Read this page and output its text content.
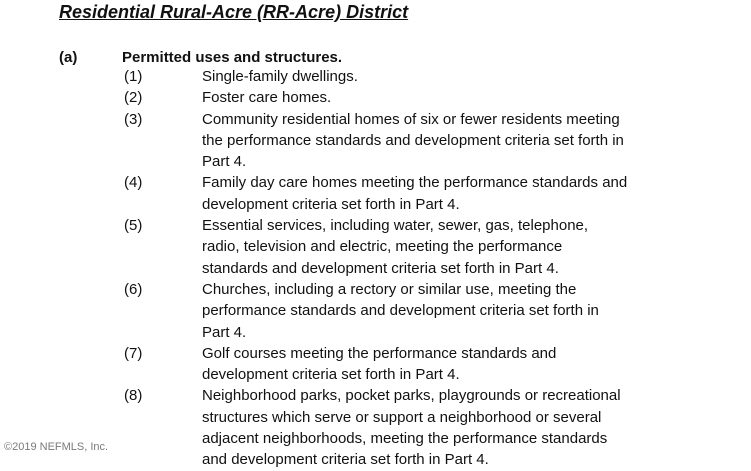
Residential Rural-Acre (RR-Acre) District
(a)	Permitted uses and structures.
(1)	Single-family dwellings.
(2)	Foster care homes.
(3)	Community residential homes of six or fewer residents meeting
the performance standards and development criteria set forth in
Part 4.
(4)	Family day care homes meeting the performance standards and
development criteria set forth in Part 4.
(5)	Essential services, including water, sewer, gas, telephone,
radio, television and electric, meeting the performance
standards and development criteria set forth in Part 4.
(6)	Churches, including a rectory or similar use, meeting the
performance standards and development criteria set forth in
Part 4.
(7)	Golf courses meeting the performance standards and
development criteria set forth in Part 4.
(8)	Neighborhood parks, pocket parks, playgrounds or recreational
structures which serve or support a neighborhood or several
adjacent neighborhoods, meeting the performance standards
and development criteria set forth in Part 4.
©2019 NEFMLS, Inc.
